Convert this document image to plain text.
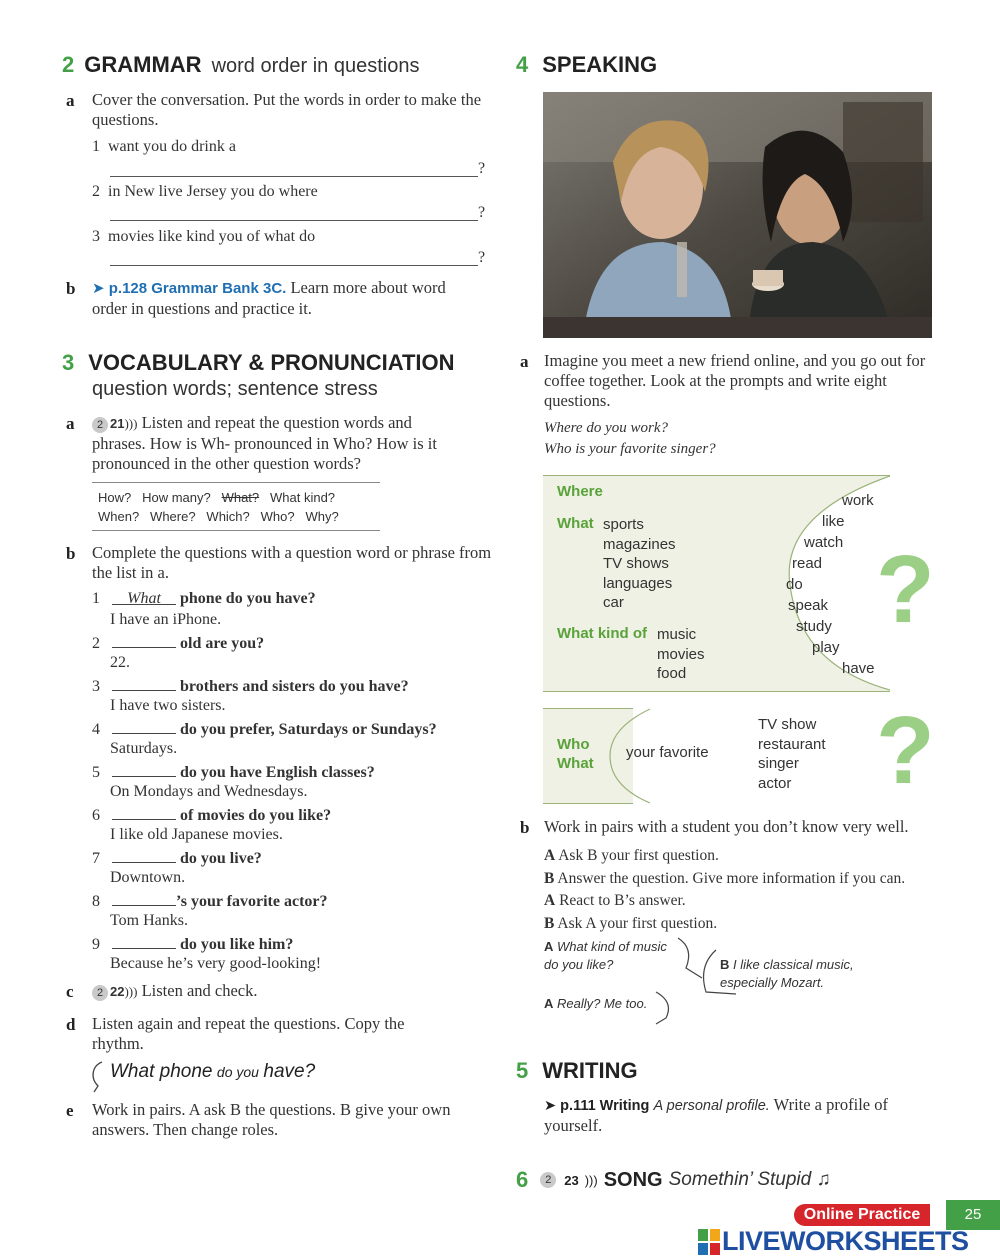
2 GRAMMAR word order in questions
a Cover the conversation. Put the words in order to make the questions.
1 want you do drink a
?
2 in New live Jersey you do where
?
3 movies like kind you of what do
?
b ➤ p.128 Grammar Bank 3C. Learn more about word order in questions and practice it.
3 VOCABULARY & PRONUNCIATION
question words; sentence stress
a	2 21))) Listen and repeat the question words and
phrases. How is Wh- pronounced in Who? How is it
pronounced in the other question words?
How? How many? What? What kind?
When? Where? Which? Who? Why?
b Complete the questions with a question word or phrase from the list in a.
1 What phone do you have?
I have an iPhone.
2	old are you?
22.
3	brothers and sisters do you have?
I have two sisters.
4	do you prefer, Saturdays or Sundays?
Saturdays.
5	do you have English classes?
On Mondays and Wednesdays.
6	of movies do you like?
I like old Japanese movies.
7	do you live?
Downtown.
8	’s your favorite actor?
Tom Hanks.
9	do you like him?
Because he’s very good-looking!
c	2 22))) Listen and check.
d Listen again and repeat the questions. Copy the rhythm.
What phone do you have?
e Work in pairs. A ask B the questions. B give your own answers. Then change roles.
4 SPEAKING
a Imagine you meet a new friend online, and you go out for coffee together. Look at the prompts and write eight questions.
Where do you work?
Who is your favorite singer?
Where
What sports
magazines
TV shows
languages
car
What kind of music
movies
food
work
like
watch
read
do
speak
study
play
have
?
Who
What
your favorite
TV show
restaurant
singer
actor ?
b Work in pairs with a student you don’t know very well.
A Ask B your first question.
B Answer the question. Give more information if you can.
A React to B’s answer.
B Ask A your first question.
A What kind of music do you like?	B I like classical music, especially Mozart.
A Really? Me too.
5 WRITING
➤ p.111 Writing A personal profile. Write a profile of yourself.
6	2 23 ))) SONG Somethin’ Stupid ♫
Online Practice	25
LIVEWORKSHEETS
